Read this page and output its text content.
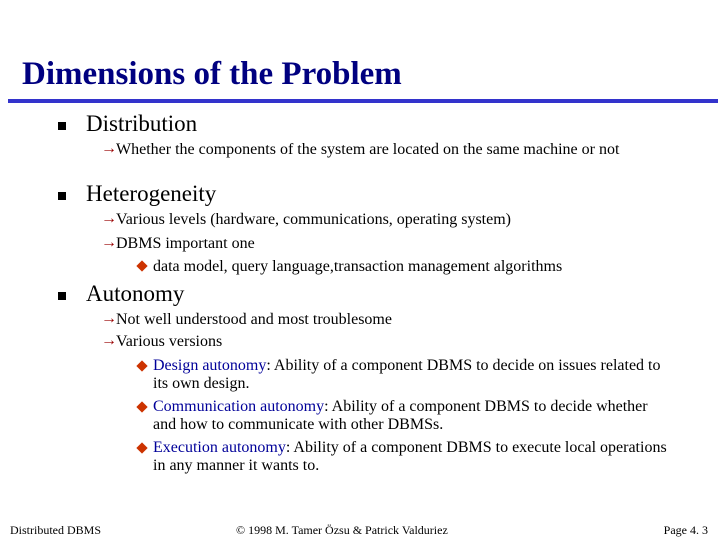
Dimensions of the Problem
Distribution
→ Whether the components of the system are located on the same machine or not
Heterogeneity
→ Various levels (hardware, communications, operating system)
→ DBMS important one
data model, query language,transaction management algorithms
Autonomy
→ Not well understood and most troublesome
→ Various versions
Design autonomy: Ability of a component DBMS to decide on issues related to its own design.
Communication autonomy: Ability of a component DBMS to decide whether and how to communicate with other DBMSs.
Execution autonomy: Ability of a component DBMS to execute local operations in any manner it wants to.
Distributed DBMS	© 1998 M. Tamer Özsu & Patrick Valduriez	Page 4. 3
